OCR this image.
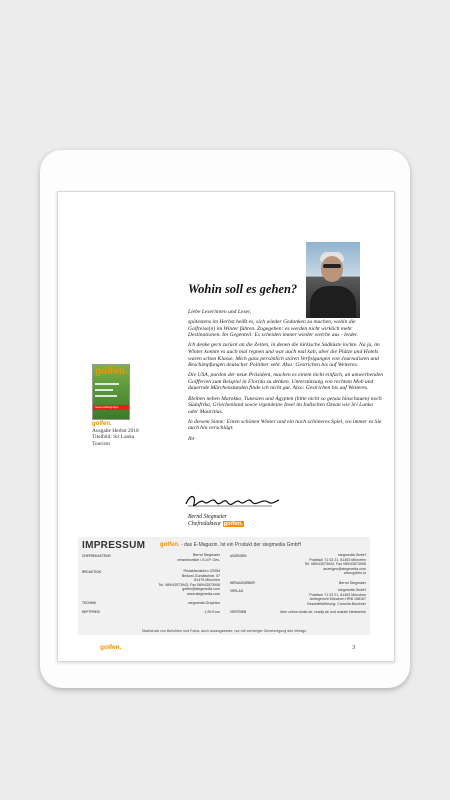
Wohin soll es gehen?

Liebe Leserinnen und Leser,

spätestens im Herbst heißt es, sich wieder Gedanken zu machen, wohin die Golfreise(n) im Winter führen. Zugegeben: es werden nicht wirklich mehr Destinationen. Im Gegenteil: Es scheiden immer wieder welche aus - leider.

Ich denke gern zurück an die Zeiten, in denen die türkische Südküste lockte. Na ja, im Winter konnte es auch mal regnen und war auch mal kalt, aber die Plätze und Hotels waren schon Klasse. Mich ganz persönlich stören Verfolgungen von Journalisten und Beschimpfungen deutscher Politiker sehr. Also: Gestrichen bis auf Weiteres.

Die USA, pardon der neue Präsident, machen es einem nicht einfach, an umwerbenden Golfferien zum Beispiel in Florida zu denken. Unterstützung von rechtem Mob und dauernde Märchenstunden finde ich nicht gut. Also: Gestrichen bis auf Weiteres.

Bleiben neben Marokko, Tunesien und Ägypten (bitte nicht so genau hinschauen) noch Südafrika, Griechenland sowie irgendeine Insel im Indischen Ozean wie Sri Lanka oder Mauritius.

In diesem Sinne: Einen schönen Winter und ein noch schöneres Spiel, wo immer es Sie auch hin verschlägt.

Ihr

golfen.
Neues Golfvergnügen
golfen.
Ausgabe Herbst 2018
Titelbild: Sri Lanka
Tourism
Bernd Stegmaier
Chefredakteur golfen.
IMPRESSUM golfen. - das E-Magazin. Ist ein Produkt der stegmedia GmbH
CHEFREDAKTEUR	Bernd Stegmaier
verantwortlich i.S.d.P. Ges.
REDAKTION	Redaktionsbüro CBSM
Bedowi-Gundlachstr. 57
81479 München
Tel. 089/43573943, Fax 089/43573908
golfen@stegmedia.com
www.stegmedia.com
TECHNIK	stegmedia Graphics
HEFTPREIS	1,99 Euro
ANZEIGEN	stegmedia GmbH
Postfach 71 03 21, 81453 München
Tel. 089/43573943, Fax 089/43573908
anzeigen@stegmedia.com
www.golfen.io
HERAUSGEBER	Bernd Stegmaier
VERLAG	stegmedia GmbH
Postfach 71 03 21, 81453 München
Amtsgericht München HRB 158167
Geschäftsführung: Cornelia Bruckner
VERTRIEB	über online-kiosk.de, readly.de und soziale Netzwerke
Nachdruck von Berichten und Fotos, auch auszugsweise, nur mit vorheriger Genehmigung des Verlags
golfen.	3
